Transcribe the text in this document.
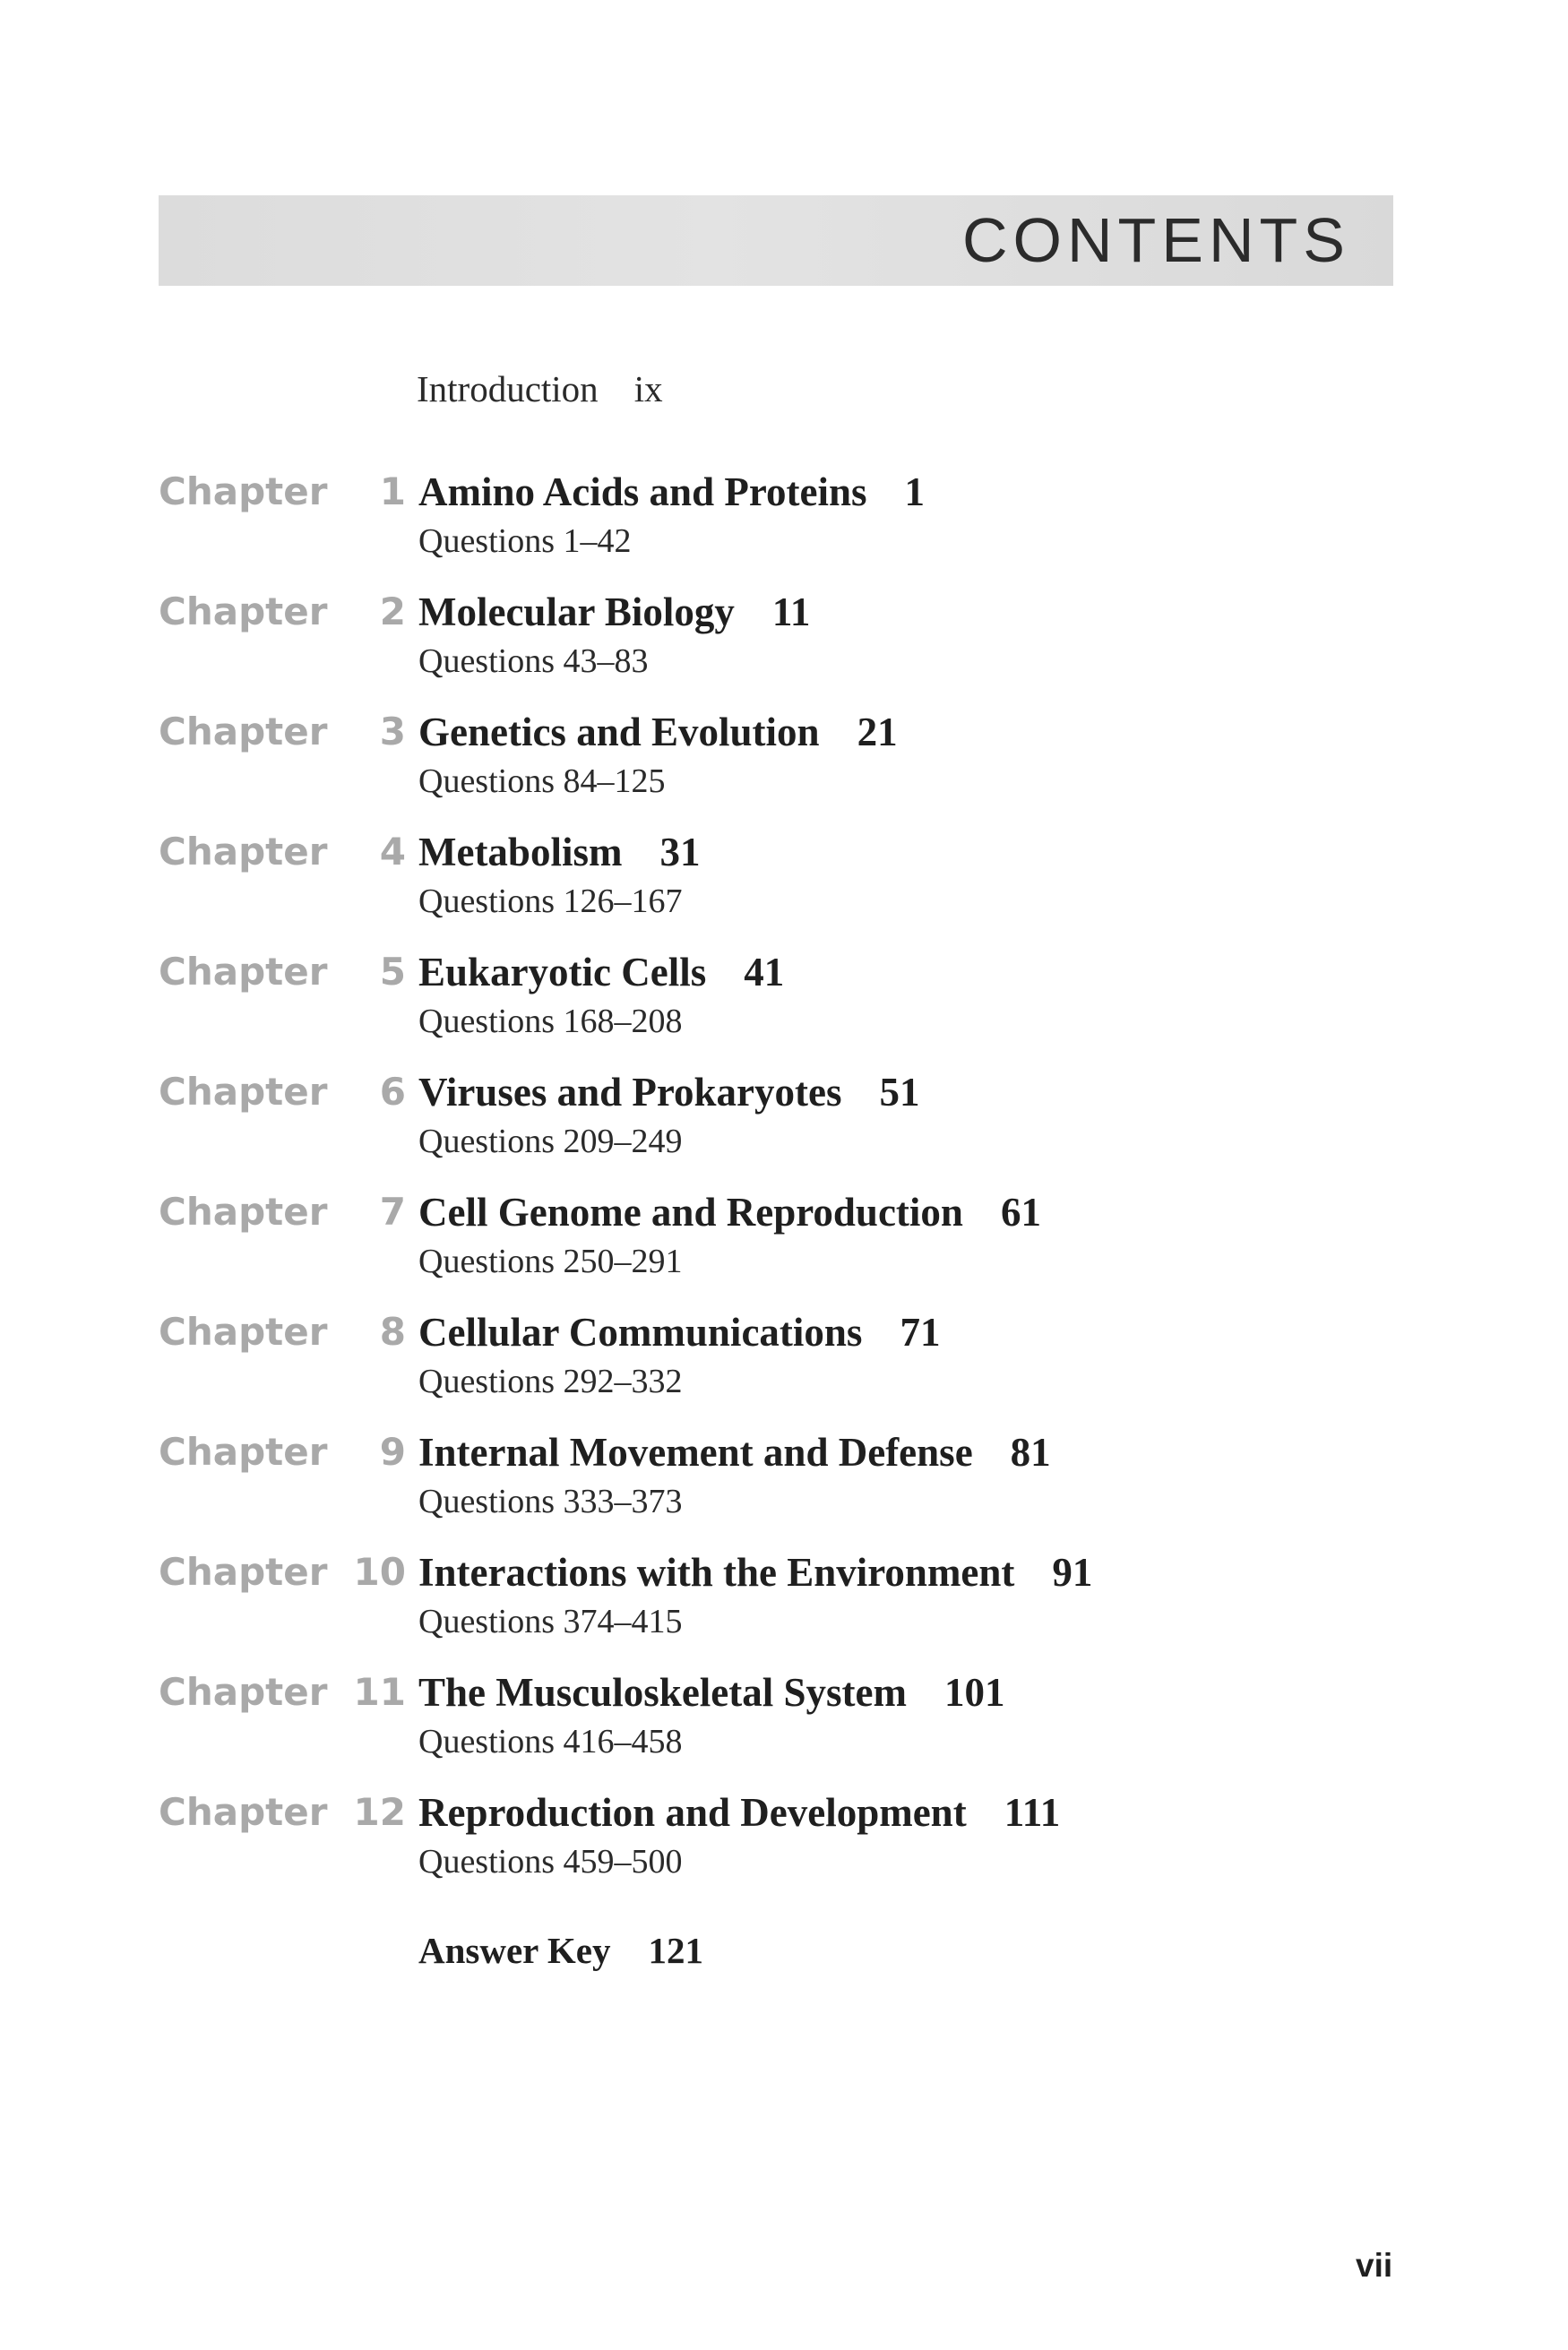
CONTENTS
Introduction ix
Chapter	1 Amino Acids and Proteins 1
Questions 1–42
Chapter	2 Molecular Biology 11
Questions 43–83
Chapter	3 Genetics and Evolution 21
Questions 84–125
Chapter	4 Metabolism 31
Questions 126–167
Chapter	5 Eukaryotic Cells 41
Questions 168–208
Chapter	6 Viruses and Prokaryotes 51
Questions 209–249
Chapter	7 Cell Genome and Reproduction 61
Questions 250–291
Chapter	8 Cellular Communications 71
Questions 292–332
Chapter	9 Internal Movement and Defense 81
Questions 333–373
Chapter 10 Interactions with the Environment 91
Questions 374–415
Chapter 11 The Musculoskeletal System 101
Questions 416–458
Chapter 12 Reproduction and Development 111
Questions 459–500
Answer Key 121
vii
